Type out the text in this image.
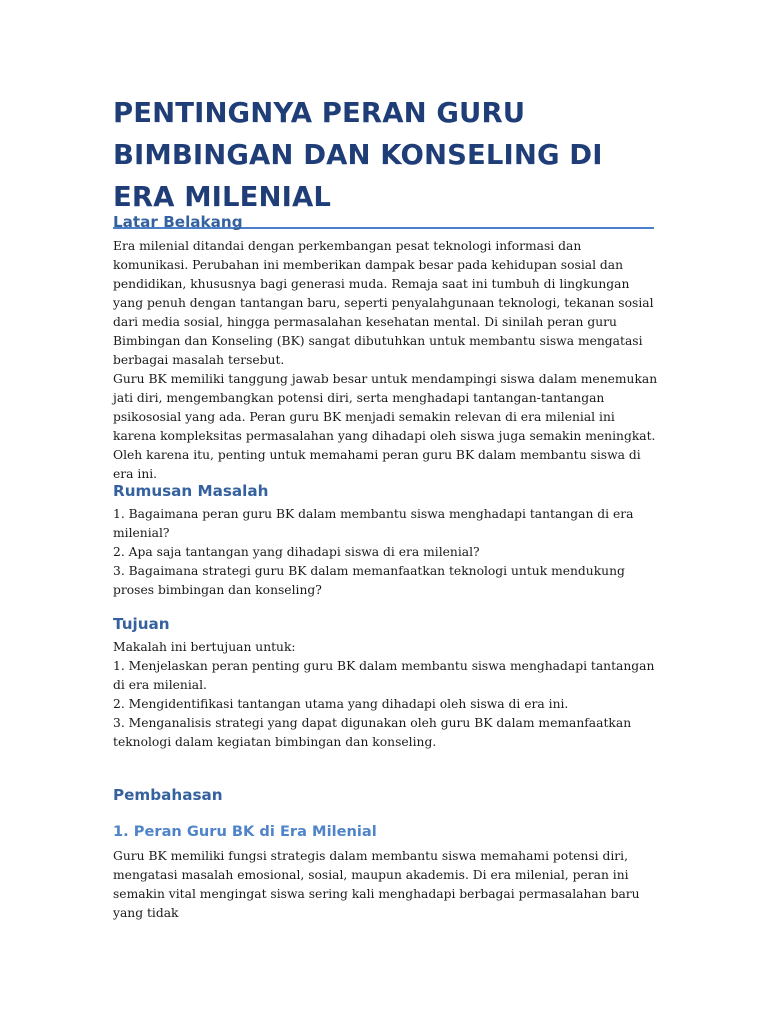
PENTINGNYA PERAN GURU BIMBINGAN DAN KONSELING DI ERA MILENIAL
Latar Belakang

Era milenial ditandai dengan perkembangan pesat teknologi informasi dan komunikasi. Perubahan ini memberikan dampak besar pada kehidupan sosial dan pendidikan, khususnya bagi generasi muda. Remaja saat ini tumbuh di lingkungan yang penuh dengan tantangan baru, seperti penyalahgunaan teknologi, tekanan sosial dari media sosial, hingga permasalahan kesehatan mental. Di sinilah peran guru Bimbingan dan Konseling (BK) sangat dibutuhkan untuk membantu siswa mengatasi berbagai masalah tersebut.

Guru BK memiliki tanggung jawab besar untuk mendampingi siswa dalam menemukan jati diri, mengembangkan potensi diri, serta menghadapi tantangan-tantangan psikososial yang ada. Peran guru BK menjadi semakin relevan di era milenial ini karena kompleksitas permasalahan yang dihadapi oleh siswa juga semakin meningkat. Oleh karena itu, penting untuk memahami peran guru BK dalam membantu siswa di era ini.

Rumusan Masalah

1. Bagaimana peran guru BK dalam membantu siswa menghadapi tantangan di era milenial?

2. Apa saja tantangan yang dihadapi siswa di era milenial?

3. Bagaimana strategi guru BK dalam memanfaatkan teknologi untuk mendukung proses bimbingan dan konseling?

Tujuan

Makalah ini bertujuan untuk:

1. Menjelaskan peran penting guru BK dalam membantu siswa menghadapi tantangan di era milenial.

2. Mengidentifikasi tantangan utama yang dihadapi oleh siswa di era ini.

3. Menganalisis strategi yang dapat digunakan oleh guru BK dalam memanfaatkan teknologi dalam kegiatan bimbingan dan konseling.

Pembahasan
1. Peran Guru BK di Era Milenial

Guru BK memiliki fungsi strategis dalam membantu siswa memahami potensi diri, mengatasi masalah emosional, sosial, maupun akademis. Di era milenial, peran ini semakin vital mengingat siswa sering kali menghadapi berbagai permasalahan baru yang tidak
